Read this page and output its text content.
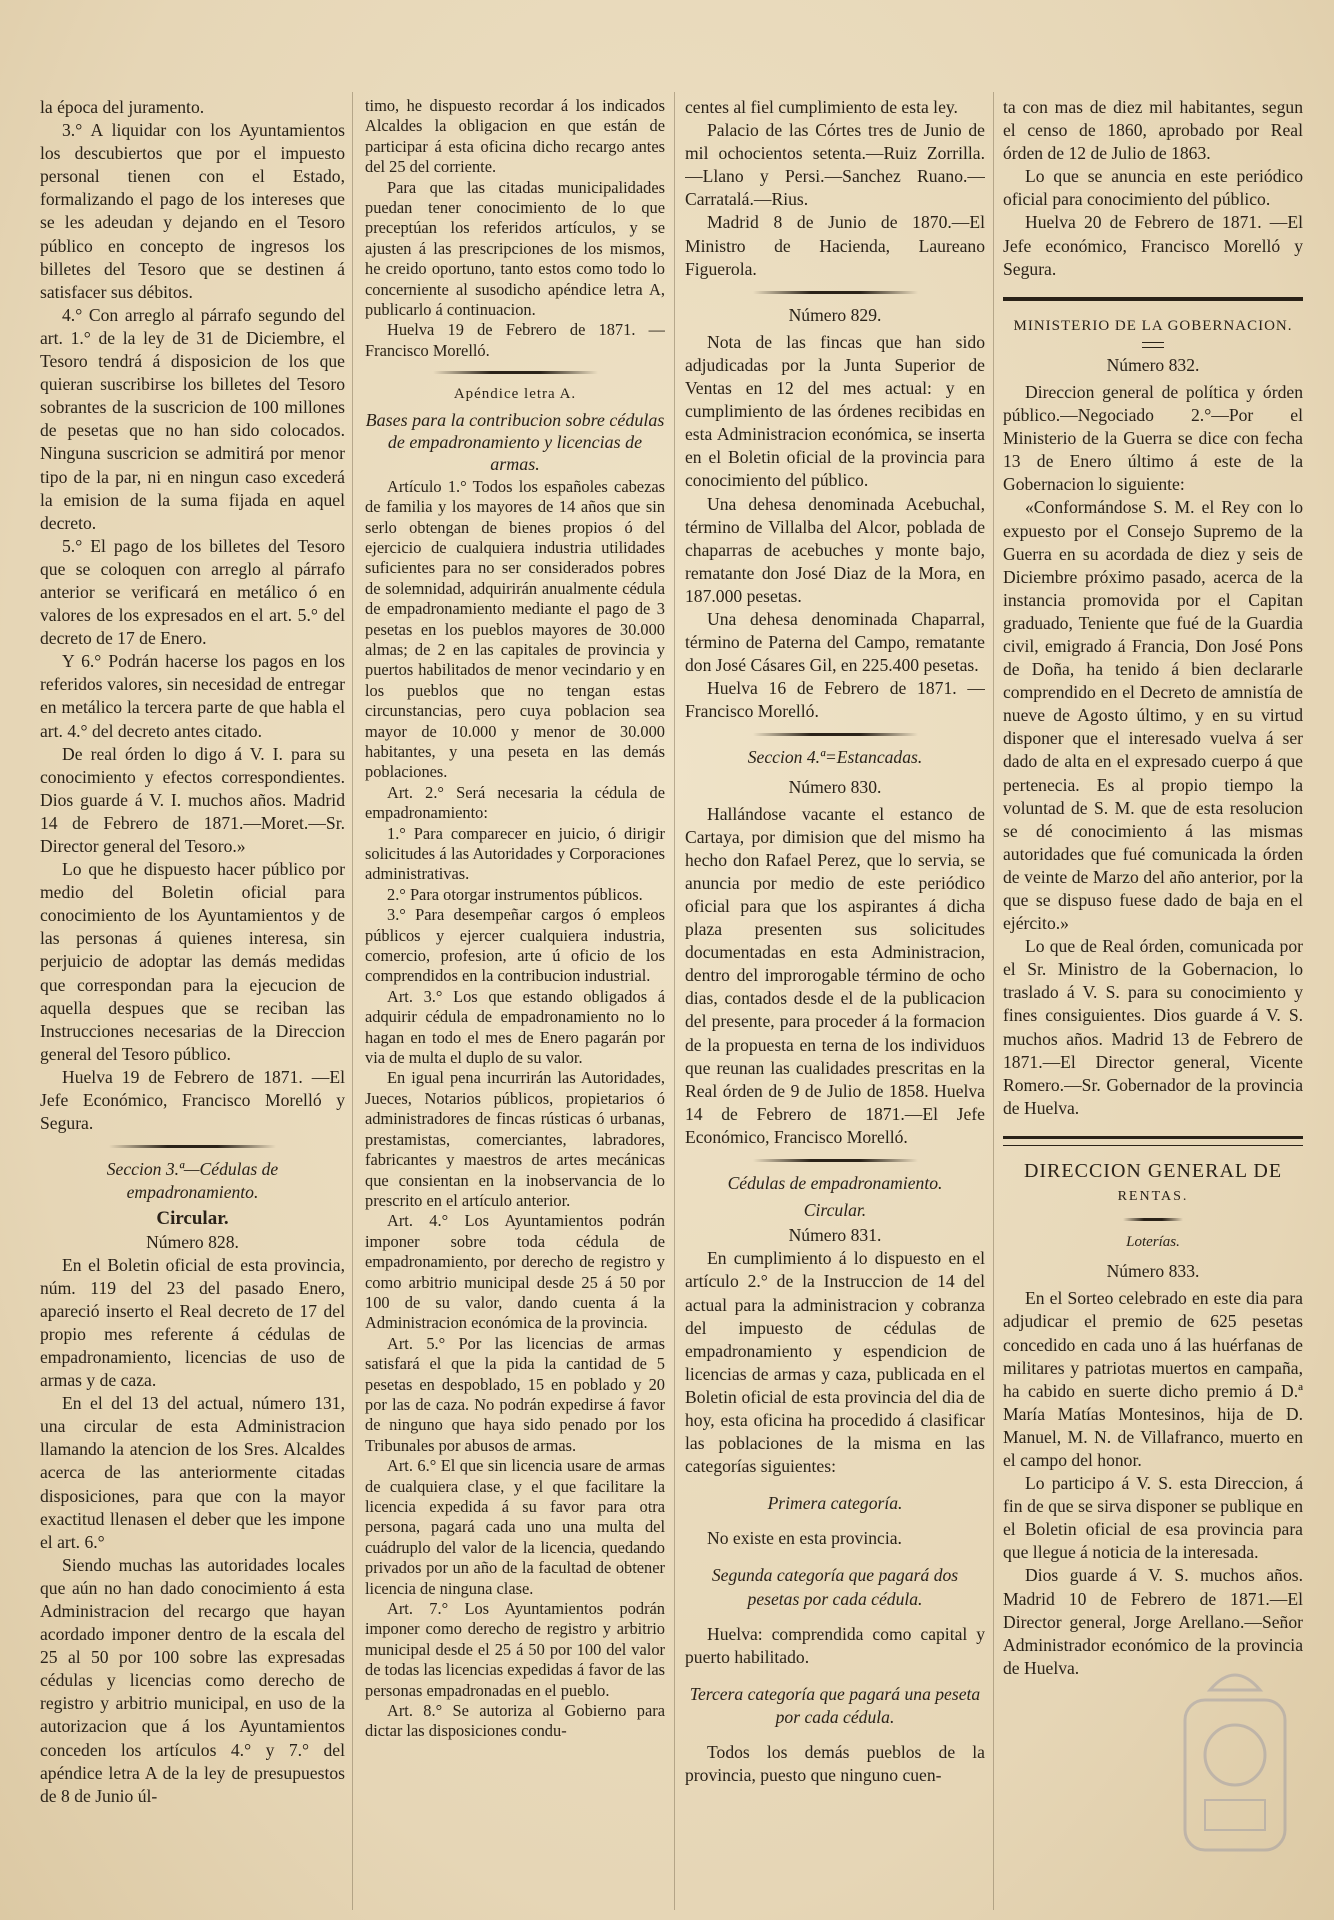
la época del juramento.

3.° A liquidar con los Ayuntamientos los descubiertos que por el impuesto personal tienen con el Estado, formalizando el pago de los intereses que se les adeudan y dejando en el Tesoro público en concepto de ingresos los billetes del Tesoro que se destinen á satisfacer sus débitos.

4.° Con arreglo al párrafo segundo del art. 1.° de la ley de 31 de Diciembre, el Tesoro tendrá á disposicion de los que quieran suscribirse los billetes del Tesoro sobrantes de la suscricion de 100 millones de pesetas que no han sido colocados. Ninguna suscricion se admitirá por menor tipo de la par, ni en ningun caso excederá la emision de la suma fijada en aquel decreto.

5.° El pago de los billetes del Tesoro que se coloquen con arreglo al párrafo anterior se verificará en metálico ó en valores de los expresados en el art. 5.° del decreto de 17 de Enero.

Y 6.° Podrán hacerse los pagos en los referidos valores, sin necesidad de entregar en metálico la tercera parte de que habla el art. 4.° del decreto antes citado.

De real órden lo digo á V. I. para su conocimiento y efectos correspondientes. Dios guarde á V. I. muchos años. Madrid 14 de Febrero de 1871.—Moret.—Sr. Director general del Tesoro.»

Lo que he dispuesto hacer público por medio del Boletin oficial para conocimiento de los Ayuntamientos y de las personas á quienes interesa, sin perjuicio de adoptar las demás medidas que correspondan para la ejecucion de aquella despues que se reciban las Instrucciones necesarias de la Direccion general del Tesoro público.

Huelva 19 de Febrero de 1871. —El Jefe Económico, Francisco Morelló y Segura.

Seccion 3.ª—Cédulas de empadronamiento.

Circular.

Número 828.

En el Boletin oficial de esta provincia, núm. 119 del 23 del pasado Enero, apareció inserto el Real decreto de 17 del propio mes referente á cédulas de empadronamiento, licencias de uso de armas y de caza.

En el del 13 del actual, número 131, una circular de esta Administracion llamando la atencion de los Sres. Alcaldes acerca de las anteriormente citadas disposiciones, para que con la mayor exactitud llenasen el deber que les impone el art. 6.°

Siendo muchas las autoridades locales que aún no han dado conocimiento á esta Administracion del recargo que hayan acordado imponer dentro de la escala del 25 al 50 por 100 sobre las expresadas cédulas y licencias como derecho de registro y arbitrio municipal, en uso de la autorizacion que á los Ayuntamientos conceden los artículos 4.° y 7.° del apéndice letra A de la ley de presupuestos de 8 de Junio úl-

timo, he dispuesto recordar á los indicados Alcaldes la obligacion en que están de participar á esta oficina dicho recargo antes del 25 del corriente.

Para que las citadas municipalidades puedan tener conocimiento de lo que preceptúan los referidos artículos, y se ajusten á las prescripciones de los mismos, he creido oportuno, tanto estos como todo lo concerniente al susodicho apéndice letra A, publicarlo á continuacion.

Huelva 19 de Febrero de 1871. —Francisco Morelló.

Apéndice letra A.

Bases para la contribucion sobre cédulas de empadronamiento y licencias de armas.

Artículo 1.° Todos los españoles cabezas de familia y los mayores de 14 años que sin serlo obtengan de bienes propios ó del ejercicio de cualquiera industria utilidades suficientes para no ser considerados pobres de solemnidad, adquirirán anualmente cédula de empadronamiento mediante el pago de 3 pesetas en los pueblos mayores de 30.000 almas; de 2 en las capitales de provincia y puertos habilitados de menor vecindario y en los pueblos que no tengan estas circunstancias, pero cuya poblacion sea mayor de 10.000 y menor de 30.000 habitantes, y una peseta en las demás poblaciones.

Art. 2.° Será necesaria la cédula de empadronamiento:

1.° Para comparecer en juicio, ó dirigir solicitudes á las Autoridades y Corporaciones administrativas.

2.° Para otorgar instrumentos públicos.

3.° Para desempeñar cargos ó empleos públicos y ejercer cualquiera industria, comercio, profesion, arte ú oficio de los comprendidos en la contribucion industrial.

Art. 3.° Los que estando obligados á adquirir cédula de empadronamiento no lo hagan en todo el mes de Enero pagarán por via de multa el duplo de su valor.

En igual pena incurrirán las Autoridades, Jueces, Notarios públicos, propietarios ó administradores de fincas rústicas ó urbanas, prestamistas, comerciantes, labradores, fabricantes y maestros de artes mecánicas que consientan en la inobservancia de lo prescrito en el artículo anterior.

Art. 4.° Los Ayuntamientos podrán imponer sobre toda cédula de empadronamiento, por derecho de registro y como arbitrio municipal desde 25 á 50 por 100 de su valor, dando cuenta á la Administracion económica de la provincia.

Art. 5.° Por las licencias de armas satisfará el que la pida la cantidad de 5 pesetas en despoblado, 15 en poblado y 20 por las de caza. No podrán expedirse á favor de ninguno que haya sido penado por los Tribunales por abusos de armas.

Art. 6.° El que sin licencia usare de armas de cualquiera clase, y el que facilitare la licencia expedida á su favor para otra persona, pagará cada uno una multa del cuádruplo del valor de la licencia, quedando privados por un año de la facultad de obtener licencia de ninguna clase.

Art. 7.° Los Ayuntamientos podrán imponer como derecho de registro y arbitrio municipal desde el 25 á 50 por 100 del valor de todas las licencias expedidas á favor de las personas empadronadas en el pueblo.

Art. 8.° Se autoriza al Gobierno para dictar las disposiciones condu-

centes al fiel cumplimiento de esta ley.

Palacio de las Córtes tres de Junio de mil ochocientos setenta.—Ruiz Zorrilla.—Llano y Persi.—Sanchez Ruano.—Carratalá.—Rius.

Madrid 8 de Junio de 1870.—El Ministro de Hacienda, Laureano Figuerola.

Número 829.

Nota de las fincas que han sido adjudicadas por la Junta Superior de Ventas en 12 del mes actual: y en cumplimiento de las órdenes recibidas en esta Administracion económica, se inserta en el Boletin oficial de la provincia para conocimiento del público.

Una dehesa denominada Acebuchal, término de Villalba del Alcor, poblada de chaparras de acebuches y monte bajo, rematante don José Diaz de la Mora, en 187.000 pesetas.

Una dehesa denominada Chaparral, término de Paterna del Campo, rematante don José Cásares Gil, en 225.400 pesetas.

Huelva 16 de Febrero de 1871. —Francisco Morelló.

Seccion 4.ª=Estancadas.

Número 830.

Hallándose vacante el estanco de Cartaya, por dimision que del mismo ha hecho don Rafael Perez, que lo servia, se anuncia por medio de este periódico oficial para que los aspirantes á dicha plaza presenten sus solicitudes documentadas en esta Administracion, dentro del improrogable término de ocho dias, contados desde el de la publicacion del presente, para proceder á la formacion de la propuesta en terna de los individuos que reunan las cualidades prescritas en la Real órden de 9 de Julio de 1858. Huelva 14 de Febrero de 1871.—El Jefe Económico, Francisco Morelló.

Cédulas de empadronamiento.

Circular.

Número 831.

En cumplimiento á lo dispuesto en el artículo 2.° de la Instruccion de 14 del actual para la administracion y cobranza del impuesto de cédulas de empadronamiento y espendicion de licencias de armas y caza, publicada en el Boletin oficial de esta provincia del dia de hoy, esta oficina ha procedido á clasificar las poblaciones de la misma en las categorías siguientes:

Primera categoría.

No existe en esta provincia.

Segunda categoría que pagará dos pesetas por cada cédula.

Huelva: comprendida como capital y puerto habilitado.

Tercera categoría que pagará una peseta por cada cédula.

Todos los demás pueblos de la provincia, puesto que ninguno cuen-

ta con mas de diez mil habitantes, segun el censo de 1860, aprobado por Real órden de 12 de Julio de 1863.

Lo que se anuncia en este periódico oficial para conocimiento del público.

Huelva 20 de Febrero de 1871. —El Jefe económico, Francisco Morelló y Segura.

MINISTERIO DE LA GOBERNACION.

Número 832.

Direccion general de política y órden público.—Negociado 2.°—Por el Ministerio de la Guerra se dice con fecha 13 de Enero último á este de la Gobernacion lo siguiente:

«Conformándose S. M. el Rey con lo expuesto por el Consejo Supremo de la Guerra en su acordada de diez y seis de Diciembre próximo pasado, acerca de la instancia promovida por el Capitan graduado, Teniente que fué de la Guardia civil, emigrado á Francia, Don José Pons de Doña, ha tenido á bien declararle comprendido en el Decreto de amnistía de nueve de Agosto último, y en su virtud disponer que el interesado vuelva á ser dado de alta en el expresado cuerpo á que pertenecia. Es al propio tiempo la voluntad de S. M. que de esta resolucion se dé conocimiento á las mismas autoridades que fué comunicada la órden de veinte de Marzo del año anterior, por la que se dispuso fuese dado de baja en el ejército.»

Lo que de Real órden, comunicada por el Sr. Ministro de la Gobernacion, lo traslado á V. S. para su conocimiento y fines consiguientes. Dios guarde á V. S. muchos años. Madrid 13 de Febrero de 1871.—El Director general, Vicente Romero.—Sr. Gobernador de la provincia de Huelva.

DIRECCION GENERAL DE

RENTAS.

Loterías.

Número 833.

En el Sorteo celebrado en este dia para adjudicar el premio de 625 pesetas concedido en cada uno á las huérfanas de militares y patriotas muertos en campaña, ha cabido en suerte dicho premio á D.ª María Matías Montesinos, hija de D. Manuel, M. N. de Villafranco, muerto en el campo del honor.

Lo participo á V. S. esta Direccion, á fin de que se sirva disponer se publique en el Boletin oficial de esa provincia para que llegue á noticia de la interesada.

Dios guarde á V. S. muchos años. Madrid 10 de Febrero de 1871.—El Director general, Jorge Arellano.—Señor Administrador económico de la provincia de Huelva.
